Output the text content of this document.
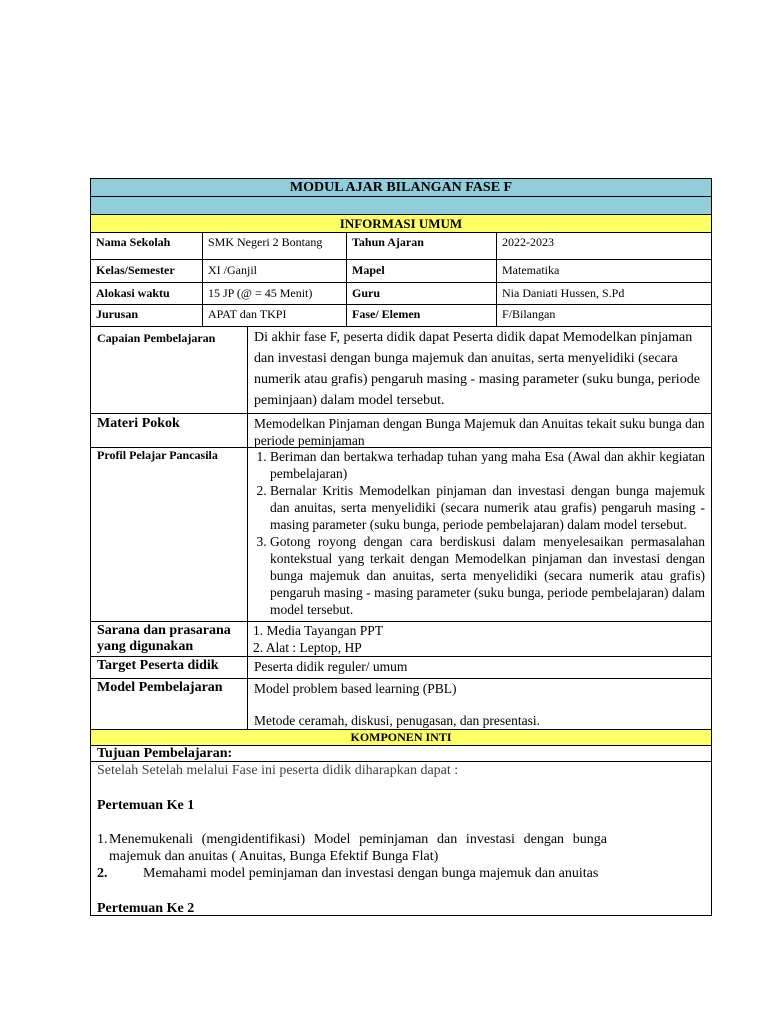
MODUL AJAR BILANGAN FASE F
INFORMASI UMUM
Nama Sekolah	SMK Negeri 2 Bontang	Tahun Ajaran	2022-2023
Kelas/Semester	XI /Ganjil	Mapel	Matematika
Alokasi waktu	15 JP (@ = 45 Menit)	Guru	Nia Daniati Hussen, S.Pd
Jurusan	APAT dan TKPI	Fase/ Elemen	F/Bilangan
Capaian Pembelajaran	Di akhir fase F, peserta didik dapat Peserta didik dapat Memodelkan pinjaman dan investasi dengan bunga majemuk dan anuitas, serta menyelidiki (secara numerik atau grafis) pengaruh masing - masing parameter (suku bunga, periode peminjaan) dalam model tersebut.
Materi Pokok	Memodelkan Pinjaman dengan Bunga Majemuk dan Anuitas tekait suku bunga dan periode peminjaman
Profil Pelajar Pancasila
1.	Beriman dan bertakwa terhadap tuhan yang maha Esa (Awal dan akhir kegiatan pembelajaran)
2. Bernalar Kritis Memodelkan pinjaman dan investasi dengan bunga majemuk dan anuitas, serta menyelidiki (secara numerik atau grafis) pengaruh masing - masing parameter (suku bunga, periode pembelajaran) dalam model tersebut.
3. Gotong royong dengan cara berdiskusi dalam menyelesaikan permasalahan kontekstual yang terkait dengan Memodelkan pinjaman dan investasi dengan bunga majemuk dan anuitas, serta menyelidiki (secara numerik atau grafis) pengaruh masing - masing parameter (suku bunga, periode pembelajaran) dalam model tersebut.
Sarana dan prasarana yang digunakan
1. Media Tayangan PPT
2. Alat : Leptop, HP
Target Peserta didik	Peserta didik reguler/ umum
Model Pembelajaran	Model problem based learning (PBL)
Metode ceramah, diskusi, penugasan, dan presentasi.
KOMPONEN INTI
Tujuan Pembelajaran:
Setelah Setelah melalui Fase ini peserta didik diharapkan dapat :
Pertemuan Ke 1
1. Menemukenali (mengidentifikasi) Model peminjaman dan investasi dengan bunga majemuk dan anuitas ( Anuitas, Bunga Efektif Bunga Flat)
2.	Memahami model peminjaman dan investasi dengan bunga majemuk dan anuitas
Pertemuan Ke 2
